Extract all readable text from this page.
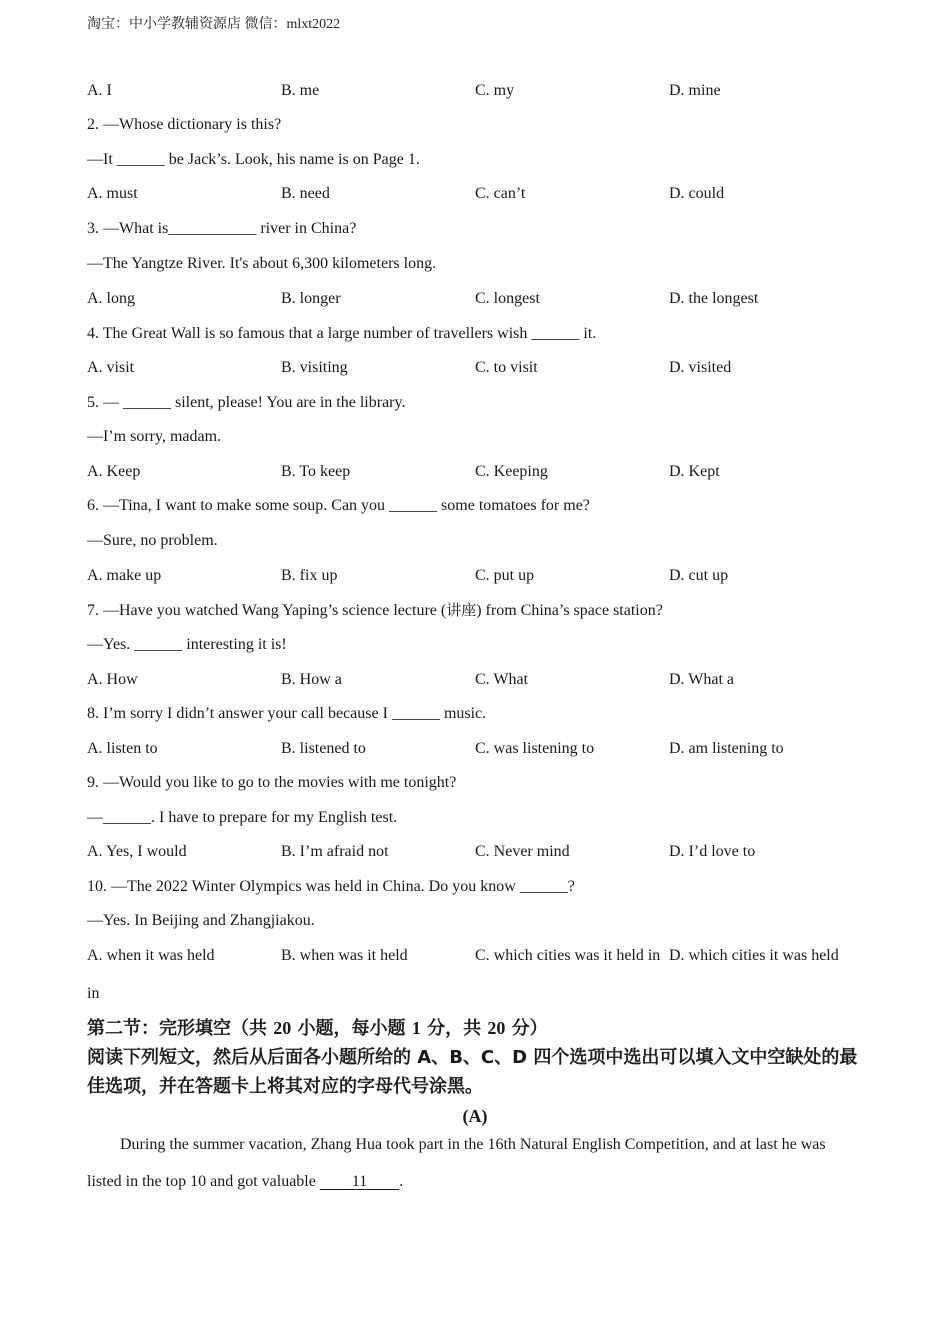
淘宝：中小学教辅资源店 微信：mlxt2022
A. I	B. me	C. my	D. mine
2. —Whose dictionary is this?
—It ______ be Jack’s. Look, his name is on Page 1.
A. must	B. need	C. can’t	D. could
3. —What is___________ river in China?
—The Yangtze River. It's about 6,300 kilometers long.
A. long	B. longer	C. longest	D. the longest
4. The Great Wall is so famous that a large number of travellers wish ______ it.
A. visit	B. visiting	C. to visit	D. visited
5. — ______ silent, please! You are in the library.
—I’m sorry, madam.
A. Keep	B. To keep	C. Keeping	D. Kept
6. —Tina, I want to make some soup. Can you ______ some tomatoes for me?
—Sure, no problem.
A. make up	B. fix up	C. put up	D. cut up
7. —Have you watched Wang Yaping’s science lecture (讲座) from China’s space station?
—Yes. ______ interesting it is!
A. How	B. How a	C. What	D. What a
8. I’m sorry I didn’t answer your call because I ______ music.
A. listen to	B. listened to	C. was listening to	D. am listening to
9. —Would you like to go to the movies with me tonight?
—______. I have to prepare for my English test.
A. Yes, I would	B. I’m afraid not	C. Never mind	D. I’d love to
10. —The 2022 Winter Olympics was held in China. Do you know ______?
—Yes. In Beijing and Zhangjiakou.
A. when it was held	B. when was it held	C. which cities was it held in D. which cities it was held
in
第二节：完形填空（共 20 小题，每小题 1 分，共 20 分）
阅读下列短文，然后从后面各小题所给的 A、B、C、D 四个选项中选出可以填入文中空缺处的最佳选项，并在答题卡上将其对应的字母代号涂黑。
(A)
During the summer vacation, Zhang Hua took part in the 16th Natural English Competition, and at last he was listed in the top 10 and got valuable         11 .
